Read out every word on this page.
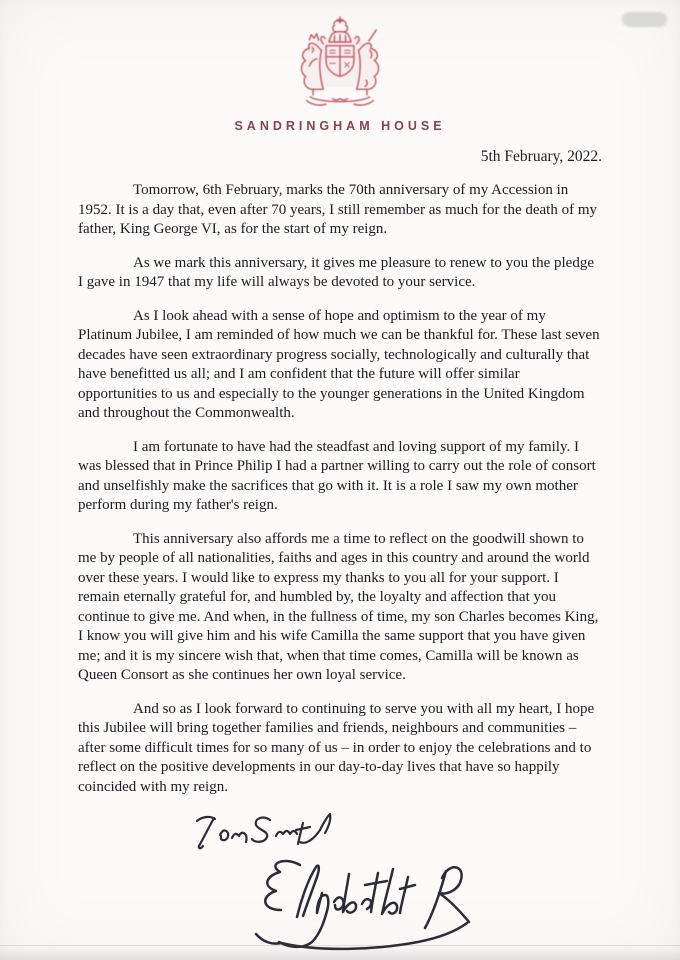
SANDRINGHAM HOUSE
5th February, 2022.

Tomorrow, 6th February, marks the 70th anniversary of my Accession in 1952. It is a day that, even after 70 years, I still remember as much for the death of my father, King George VI, as for the start of my reign.

As we mark this anniversary, it gives me pleasure to renew to you the pledge I gave in 1947 that my life will always be devoted to your service.

As I look ahead with a sense of hope and optimism to the year of my Platinum Jubilee, I am reminded of how much we can be thankful for. These last seven decades have seen extraordinary progress socially, technologically and culturally that have benefitted us all; and I am confident that the future will offer similar opportunities to us and especially to the younger generations in the United Kingdom and throughout the Commonwealth.

I am fortunate to have had the steadfast and loving support of my family. I was blessed that in Prince Philip I had a partner willing to carry out the role of consort and unselfishly make the sacrifices that go with it. It is a role I saw my own mother perform during my father's reign.

This anniversary also affords me a time to reflect on the goodwill shown to me by people of all nationalities, faiths and ages in this country and around the world over these years. I would like to express my thanks to you all for your support. I remain eternally grateful for, and humbled by, the loyalty and affection that you continue to give me. And when, in the fullness of time, my son Charles becomes King, I know you will give him and his wife Camilla the same support that you have given me; and it is my sincere wish that, when that time comes, Camilla will be known as Queen Consort as she continues her own loyal service.

And so as I look forward to continuing to serve you with all my heart, I hope this Jubilee will bring together families and friends, neighbours and communities – after some difficult times for so many of us – in order to enjoy the celebrations and to reflect on the positive developments in our day-to-day lives that have so happily coincided with my reign.
